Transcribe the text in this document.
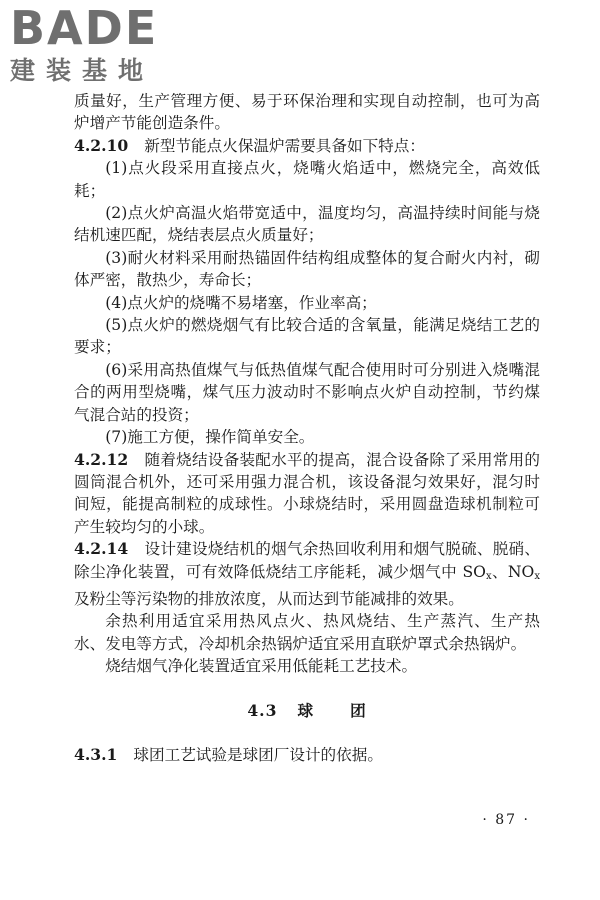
BADE
建装基地

质量好，生产管理方便、易于环保治理和实现自动控制，也可为高炉增产节能创造条件。

4.2.10 新型节能点火保温炉需要具备如下特点：

(1)点火段采用直接点火，烧嘴火焰适中，燃烧完全，高效低耗；

(2)点火炉高温火焰带宽适中，温度均匀，高温持续时间能与烧结机速匹配，烧结表层点火质量好；

(3)耐火材料采用耐热锚固件结构组成整体的复合耐火内衬，砌体严密，散热少，寿命长；

(4)点火炉的烧嘴不易堵塞，作业率高；

(5)点火炉的燃烧烟气有比较合适的含氧量，能满足烧结工艺的要求；

(6)采用高热值煤气与低热值煤气配合使用时可分别进入烧嘴混合的两用型烧嘴，煤气压力波动时不影响点火炉自动控制，节约煤气混合站的投资；

(7)施工方便，操作简单安全。

4.2.12 随着烧结设备装配水平的提高，混合设备除了采用常用的圆筒混合机外，还可采用强力混合机，该设备混匀效果好，混匀时间短，能提高制粒的成球性。小球烧结时，采用圆盘造球机制粒可产生较均匀的小球。

4.2.14 设计建设烧结机的烟气余热回收利用和烟气脱硫、脱硝、除尘净化装置，可有效降低烧结工序能耗，减少烟气中 $SO_x$、$NO_x$及粉尘等污染物的排放浓度，从而达到节能减排的效果。

余热利用适宜采用热风点火、热风烧结、生产蒸汽、生产热水、发电等方式，冷却机余热锅炉适宜采用直联炉罩式余热锅炉。

烧结烟气净化装置适宜采用低能耗工艺技术。

4.3 球 团

4.3.1 球团工艺试验是球团厂设计的依据。

· 87 ·
